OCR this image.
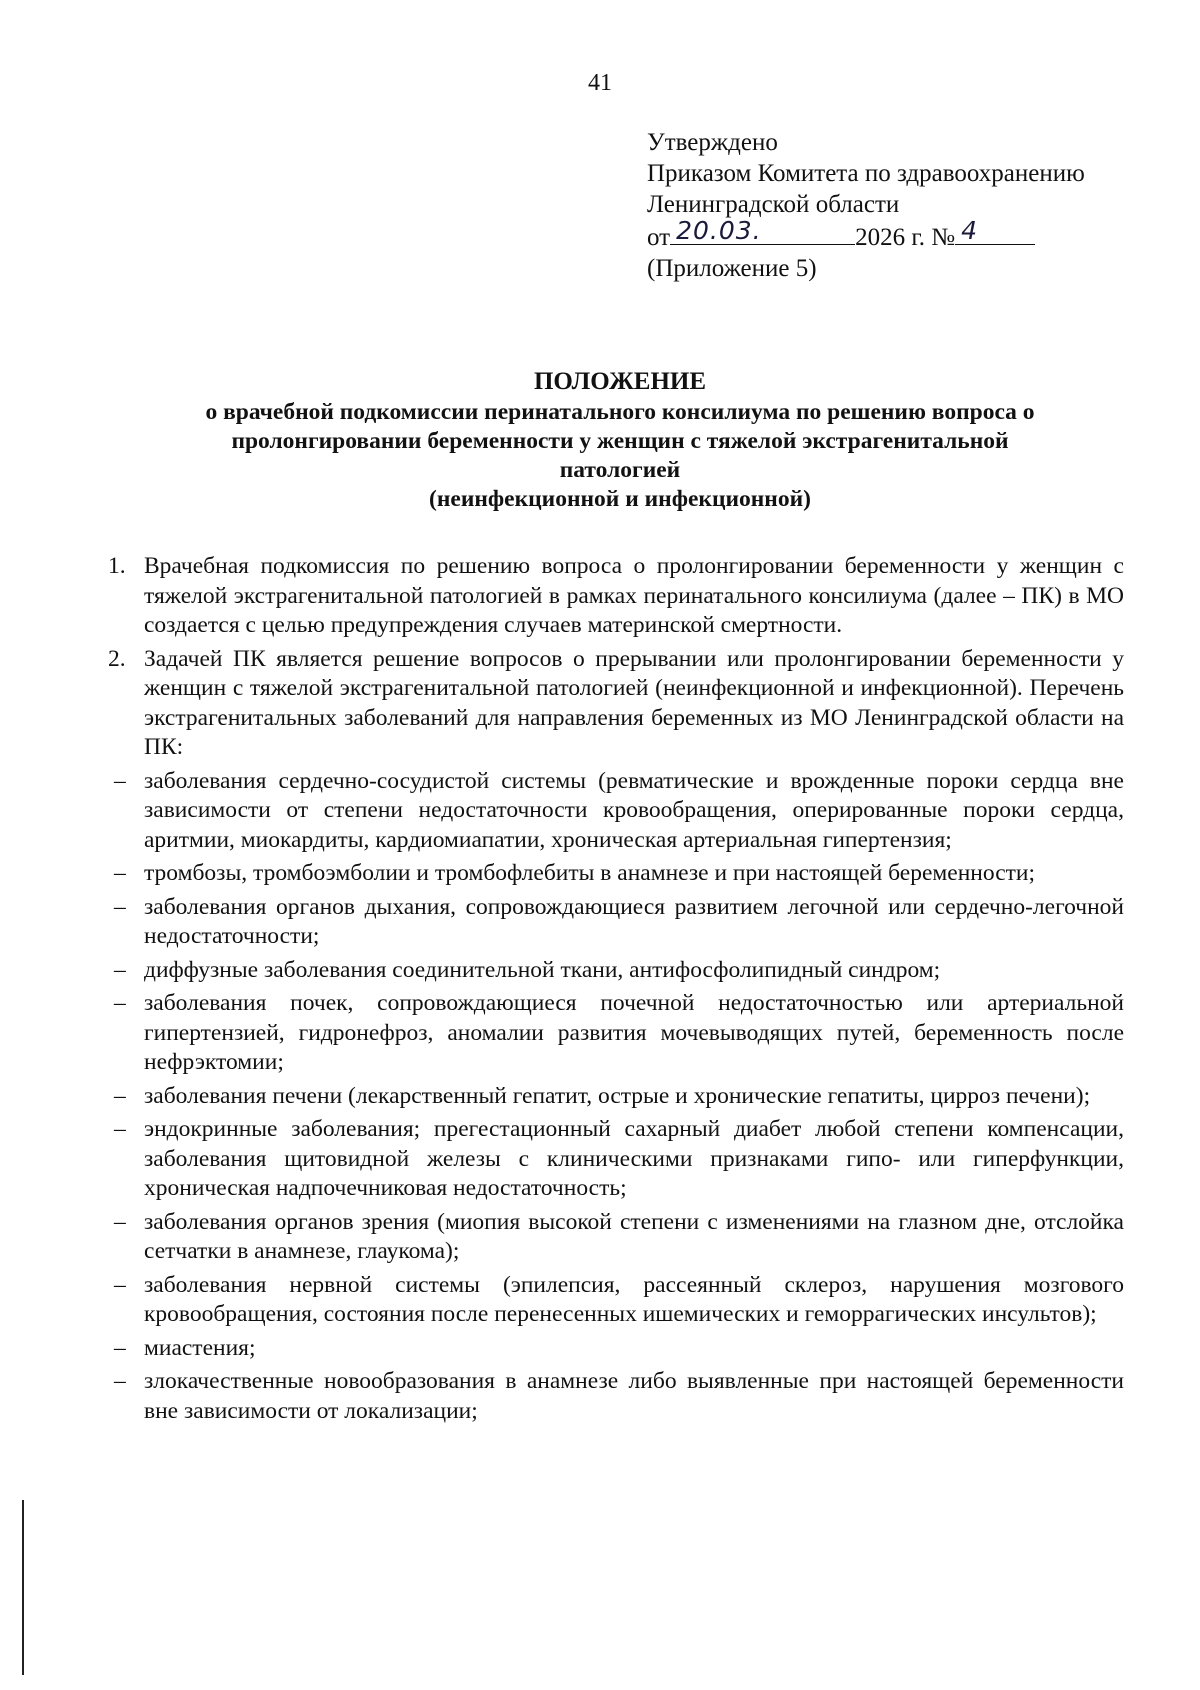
41
Утверждено
Приказом Комитета по здравоохранению
Ленинградской области
от 20.03.	2026 г. № 4
(Приложение 5)
ПОЛОЖЕНИЕ
о врачебной подкомиссии перинатального консилиума по решению вопроса о
пролонгировании беременности у женщин с тяжелой экстрагенитальной
патологией
(неинфекционной и инфекционной)
1. Врачебная подкомиссия по решению вопроса о пролонгировании беременности у женщин с тяжелой экстрагенитальной патологией в рамках перинатального консилиума (далее – ПК) в МО создается с целью предупреждения случаев материнской смертности.
2. Задачей ПК является решение вопросов о прерывании или пролонгировании беременности у женщин с тяжелой экстрагенитальной патологией (неинфекционной и инфекционной). Перечень экстрагенитальных заболеваний для направления беременных из МО Ленинградской области на ПК:
– заболевания сердечно-сосудистой системы (ревматические и врожденные пороки сердца вне зависимости от степени недостаточности кровообращения, оперированные пороки сердца, аритмии, миокардиты, кардиомиапатии, хроническая артериальная гипертензия;
– тромбозы, тромбоэмболии и тромбофлебиты в анамнезе и при настоящей беременности;
– заболевания органов дыхания, сопровождающиеся развитием легочной или сердечно-легочной недостаточности;
– диффузные заболевания соединительной ткани, антифосфолипидный синдром;
– заболевания почек, сопровождающиеся почечной недостаточностью или артериальной гипертензией, гидронефроз, аномалии развития мочевыводящих путей, беременность после нефрэктомии;
– заболевания печени (лекарственный гепатит, острые и хронические гепатиты, цирроз печени);
– эндокринные заболевания; прегестационный сахарный диабет любой степени компенсации, заболевания щитовидной железы с клиническими признаками гипо- или гиперфункции, хроническая надпочечниковая недостаточность;
– заболевания органов зрения (миопия высокой степени с изменениями на глазном дне, отслойка сетчатки в анамнезе, глаукома);
– заболевания нервной системы (эпилепсия, рассеянный склероз, нарушения мозгового кровообращения, состояния после перенесенных ишемических и геморрагических инсультов);
– миастения;
– злокачественные новообразования в анамнезе либо выявленные при настоящей беременности вне зависимости от локализации;
